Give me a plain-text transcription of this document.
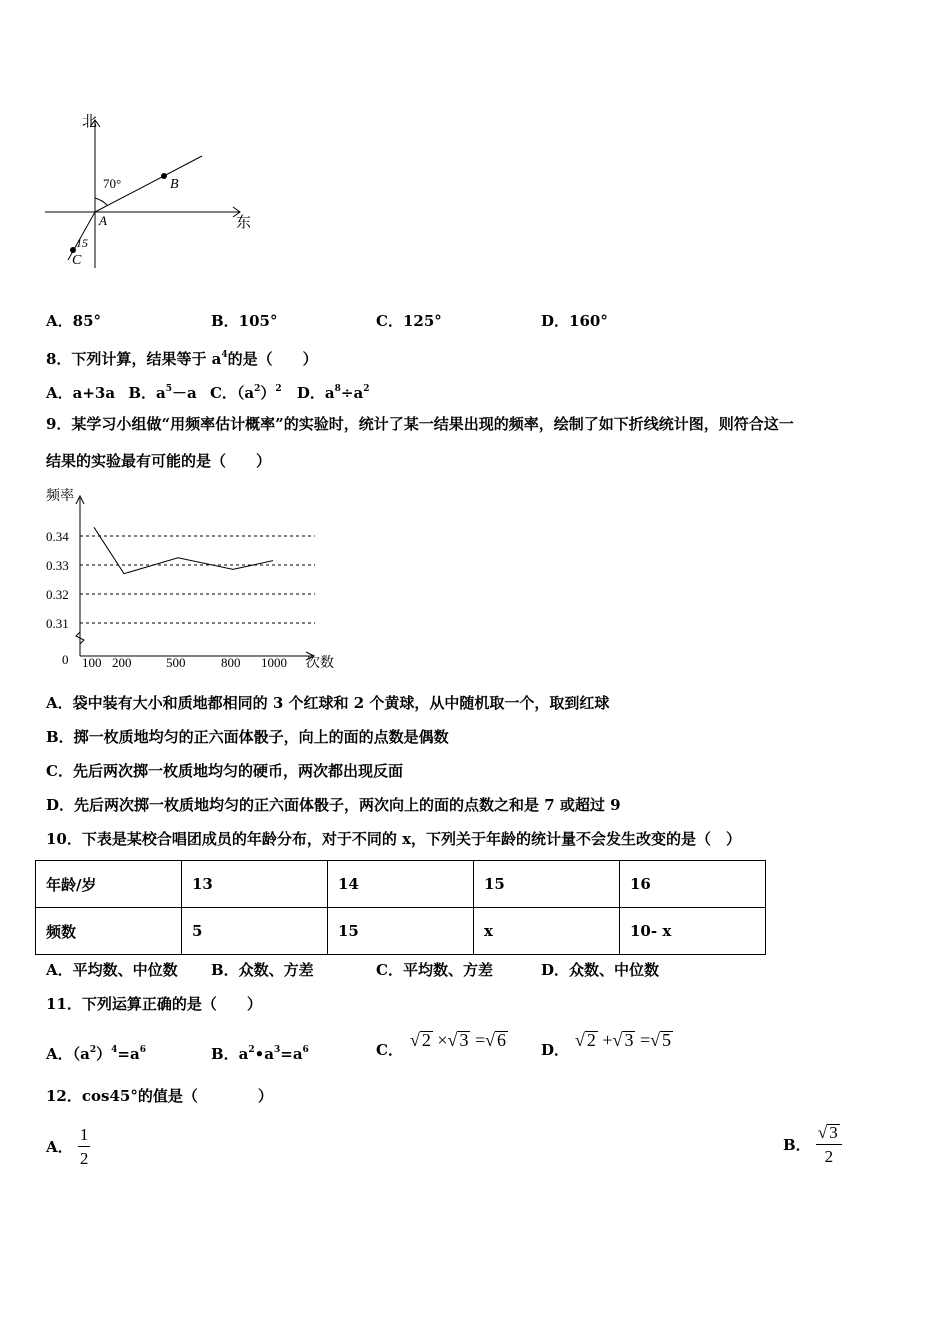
北
东
70°
15
A
B
C
A．85°	B．105°	C．125°	D．160°
8．下列计算，结果等于 $a^4$的是（　　）
A．a+3a B．$a^5-a$ C．$(a^2)^2$ D．$a^8\div a^2$
9．某学习小组做“用频率估计概率”的实验时，统计了某一结果出现的频率，绘制了如下折线统计图，则符合这一
结果的实验最有可能的是（　　）
频率
次数
0
0.34
0.33
0.32
0.31
100 200	500	800 1000
A．袋中装有大小和质地都相同的 3 个红球和 2 个黄球，从中随机取一个，取到红球
B．掷一枚质地均匀的正六面体骰子，向上的面的点数是偶数
C．先后两次掷一枚质地均匀的硬币，两次都出现反面
D．先后两次掷一枚质地均匀的正六面体骰子，两次向上的面的点数之和是 7 或超过 9
10．下表是某校合唱团成员的年龄分布，对于不同的 x，下列关于年龄的统计量不会发生改变的是（　）
年龄/岁	13	14	15	16
频数	5	15	x	10- x
A．平均数、中位数 B．众数、方差	C．平均数、方差	D．众数、中位数
11．下列运算正确的是（　　）
A．$(a^2)^4=a^6$	B．$a^2•a^3=a^6$	C． √ 2 ×√ 3 =√ 6 D． √ 2 +√ 3 =√ 5
12．cos45°的值是（　　　　）
A． $\frac{1}{2}$	B． $\frac{√ 3}{2}$
